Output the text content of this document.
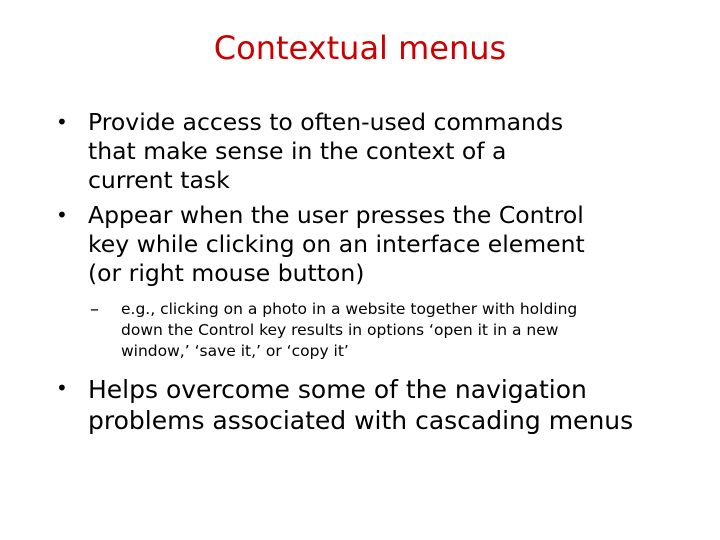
Contextual menus
• Provide access to often-used commands
that make sense in the context of a
current task
• Appear when the user presses the Control
key while clicking on an interface element
(or right mouse button)
– e.g., clicking on a photo in a website together with holding
down the Control key results in options ‘open it in a new
window,’ ‘save it,’ or ‘copy it’
• Helps overcome some of the navigation
problems associated with cascading menus
